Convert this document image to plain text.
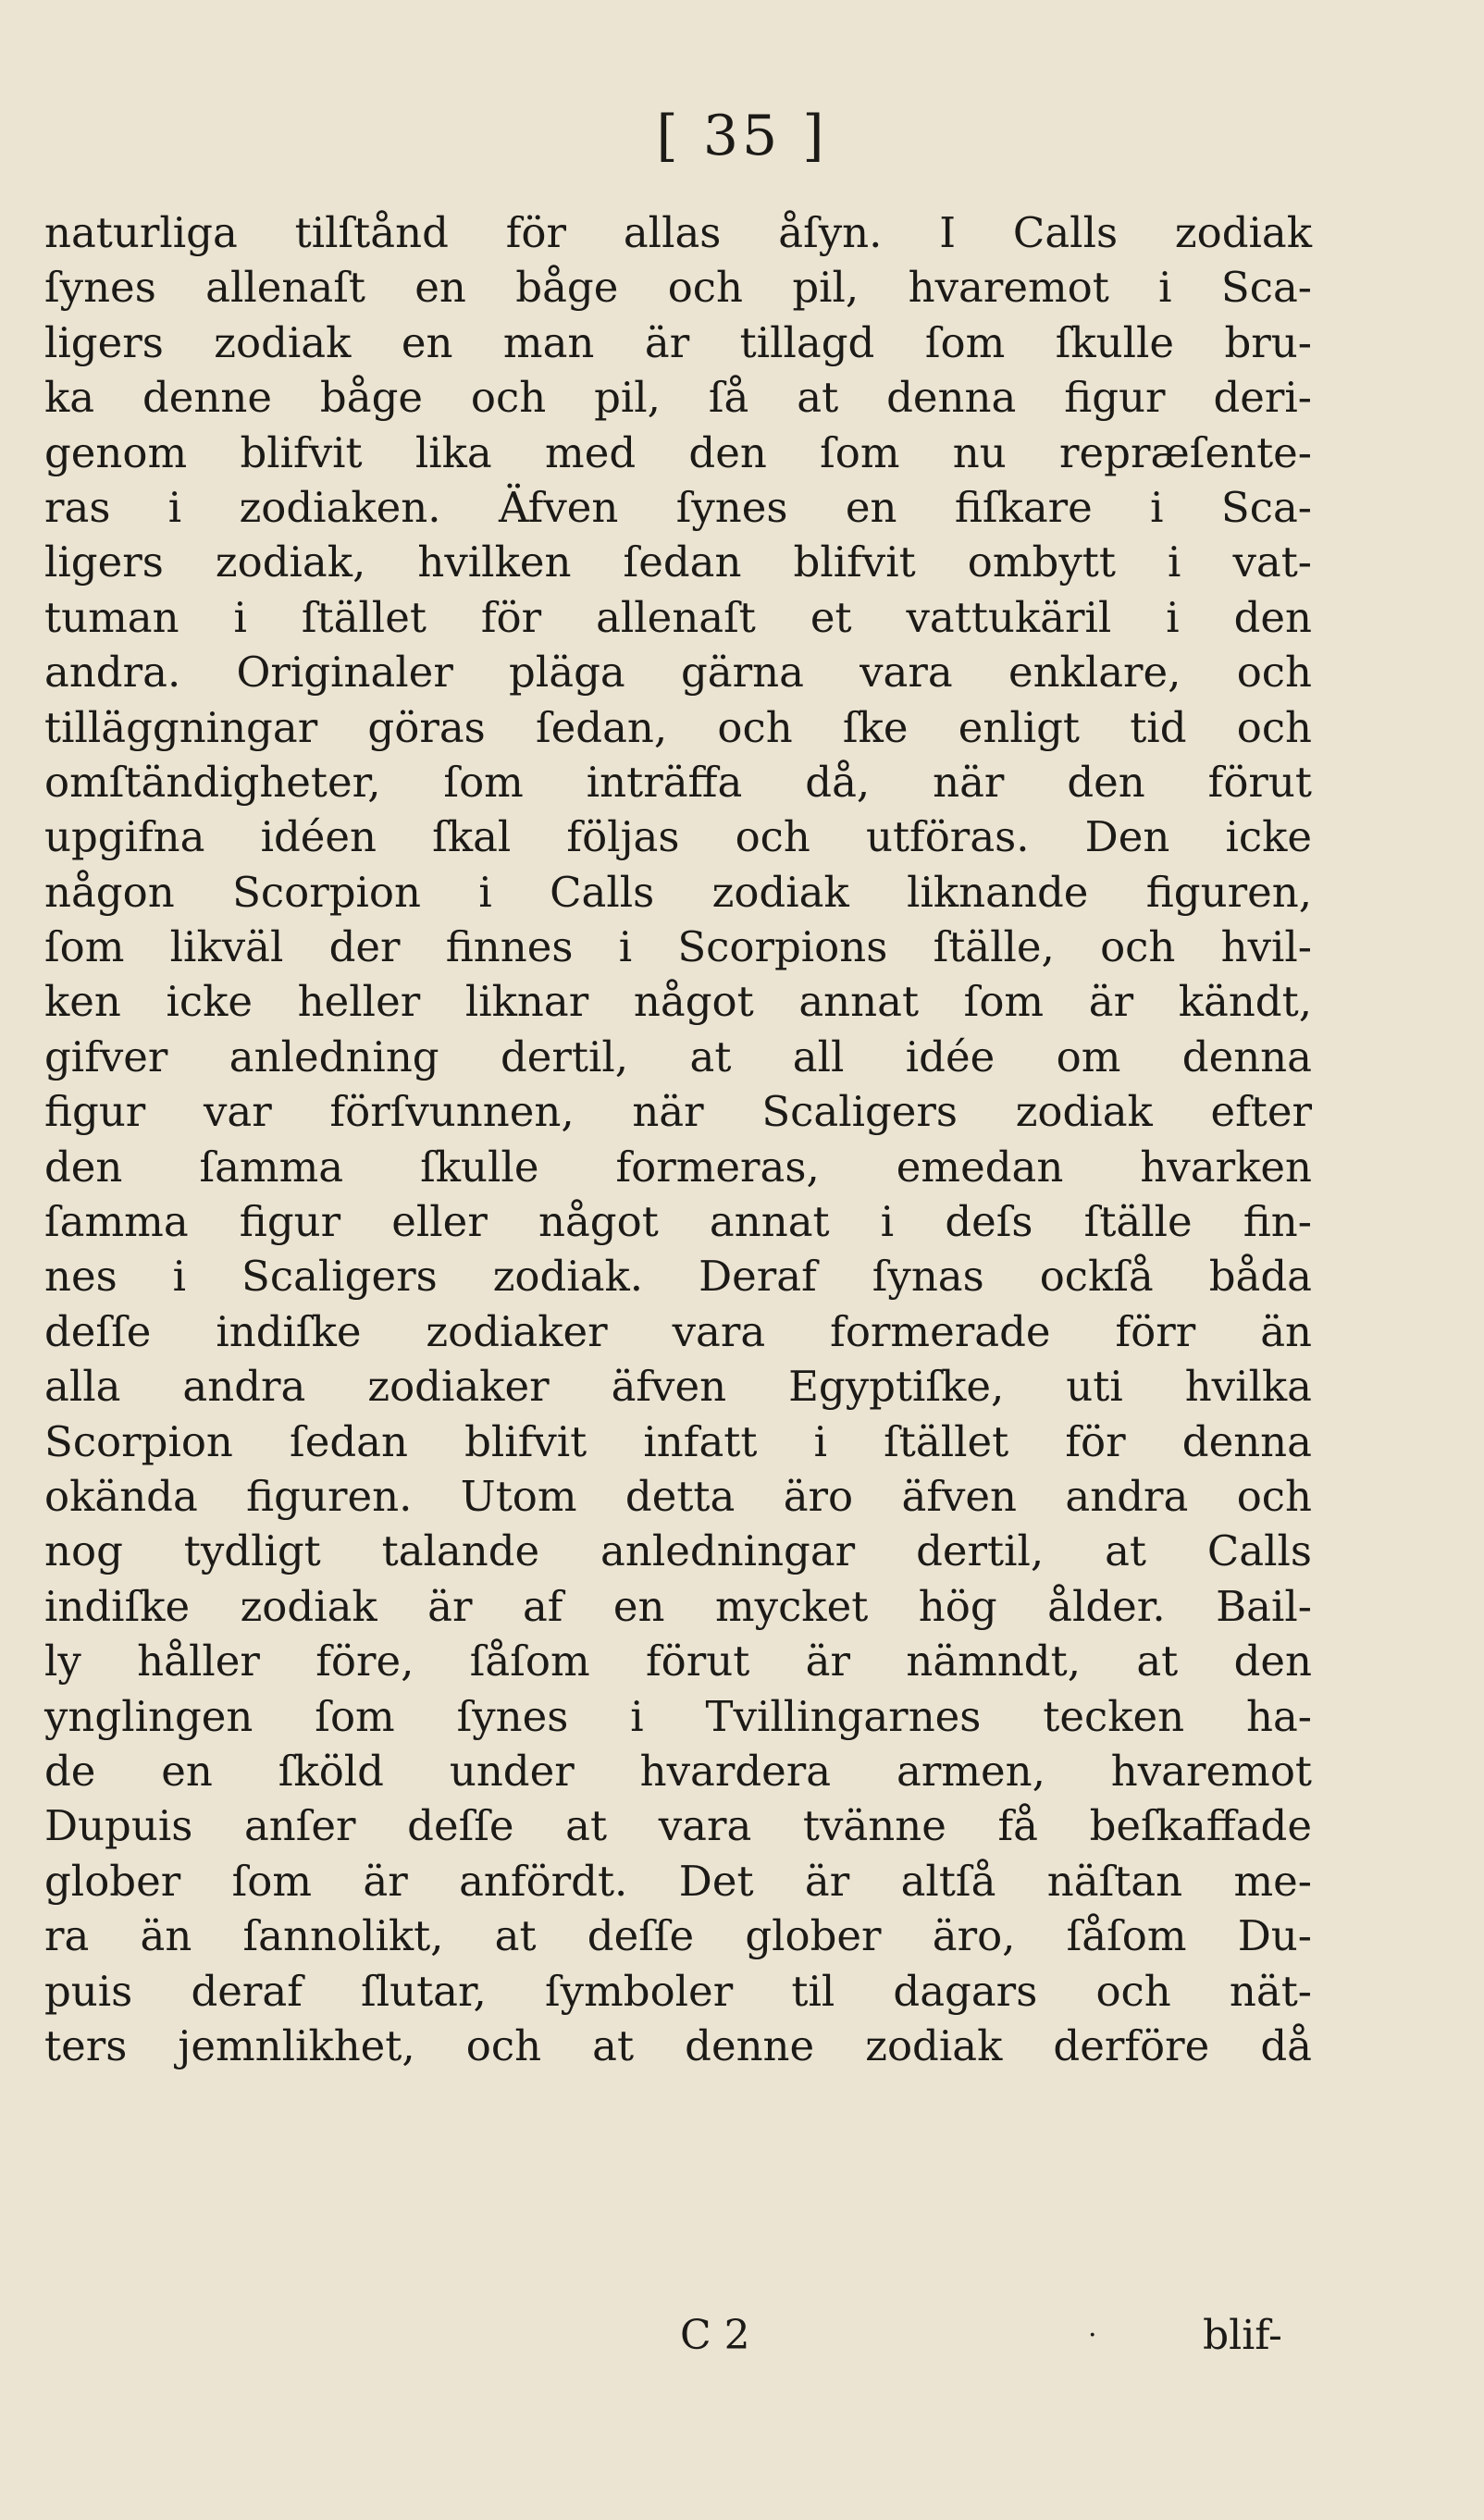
[ 35 ]
naturliga tilſtånd för allas åſyn. I Calls zodiak
ſynes allenaſt en båge och pil, hvaremot i Sca-
ligers zodiak en man är tillagd ſom ſkulle bru-
ka denne båge och pil, ſå at denna figur deri-
genom blifvit lika med den ſom nu repræſente-
ras i zodiaken. Äfven ſynes en fiſkare i Sca-
ligers zodiak, hvilken ſedan blifvit ombytt i vat-
tuman i ſtället för allenaſt et vattukäril i den
andra. Originaler pläga gärna vara enklare, och
tilläggningar göras ſedan, och ſke enligt tid och
omſtändigheter, ſom inträffa då, när den förut
upgifna idéen ſkal följas och utföras. Den icke
någon Scorpion i Calls zodiak liknande figuren,
ſom likväl der finnes i Scorpions ſtälle, och hvil-
ken icke heller liknar något annat ſom är kändt,
gifver anledning dertil, at all idée om denna
figur var förſvunnen, när Scaligers zodiak efter
den ſamma ſkulle formeras, emedan hvarken
ſamma figur eller något annat i deſs ſtälle fin-
nes i Scaligers zodiak. Deraf ſynas ockſå båda
deſſe indiſke zodiaker vara formerade förr än
alla andra zodiaker äfven Egyptiſke, uti hvilka
Scorpion ſedan blifvit infatt i ſtället för denna
okända figuren. Utom detta äro äfven andra och
nog tydligt talande anledningar dertil, at Calls
indiſke zodiak är af en mycket hög ålder. Bail-
ly håller före, ſåſom förut är nämndt, at den
ynglingen ſom ſynes i Tvillingarnes tecken ha-
de en ſköld under hvardera armen, hvaremot
Dupuis anſer deſſe at vara tvänne få beſkaffade
glober ſom är anfördt. Det är altſå näſtan me-
ra än ſannolikt, at deſſe glober äro, ſåſom Du-
puis deraf ſlutar, ſymboler til dagars och nät-
ters jemnlikhet, och at denne zodiak derföre då
C 2	·	blif-
